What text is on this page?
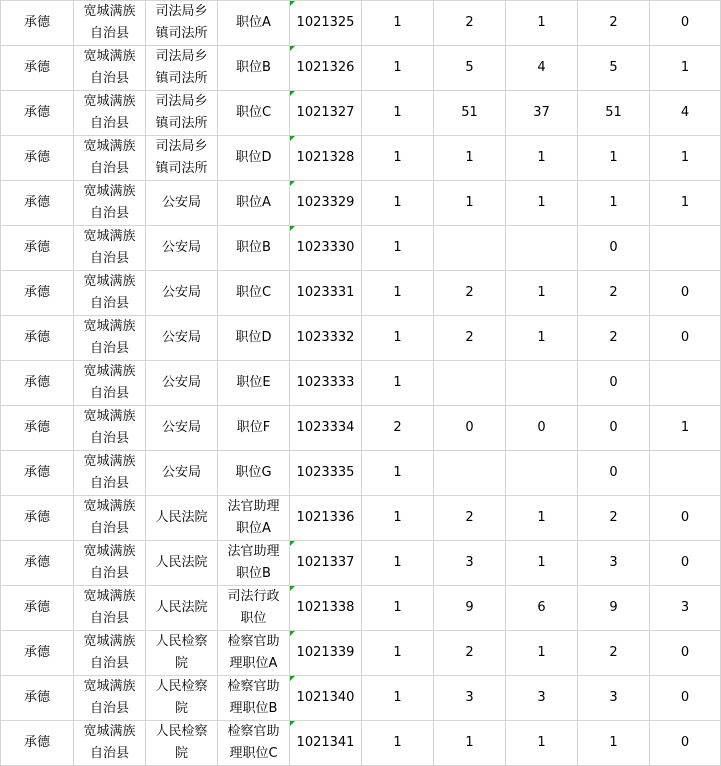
承德	宽城满族自治县	司法局乡镇司法所	职位A	1021325	1	2	1	2	0
承德	宽城满族自治县	司法局乡镇司法所	职位B	1021326	1	5	4	5	1
承德	宽城满族自治县	司法局乡镇司法所	职位C	1021327	1	51	37	51	4
承德	宽城满族自治县	司法局乡镇司法所	职位D	1021328	1	1	1	1	1
承德	宽城满族自治县	公安局	职位A	1023329	1	1	1	1	1
承德	宽城满族自治县	公安局	职位B	1023330	1			0	
承德	宽城满族自治县	公安局	职位C	1023331	1	2	1	2	0
承德	宽城满族自治县	公安局	职位D	1023332	1	2	1	2	0
承德	宽城满族自治县	公安局	职位E	1023333	1			0	
承德	宽城满族自治县	公安局	职位F	1023334	2	0	0	0	1
承德	宽城满族自治县	公安局	职位G	1023335	1			0	
承德	宽城满族自治县	人民法院	法官助理职位A	1021336	1	2	1	2	0
承德	宽城满族自治县	人民法院	法官助理职位B	1021337	1	3	1	3	0
承德	宽城满族自治县	人民法院	司法行政职位	1021338	1	9	6	9	3
承德	宽城满族自治县	人民检察院	检察官助理职位A	1021339	1	2	1	2	0
承德	宽城满族自治县	人民检察院	检察官助理职位B	1021340	1	3	3	3	0
承德	宽城满族自治县	人民检察院	检察官助理职位C	1021341	1	1	1	1	0
